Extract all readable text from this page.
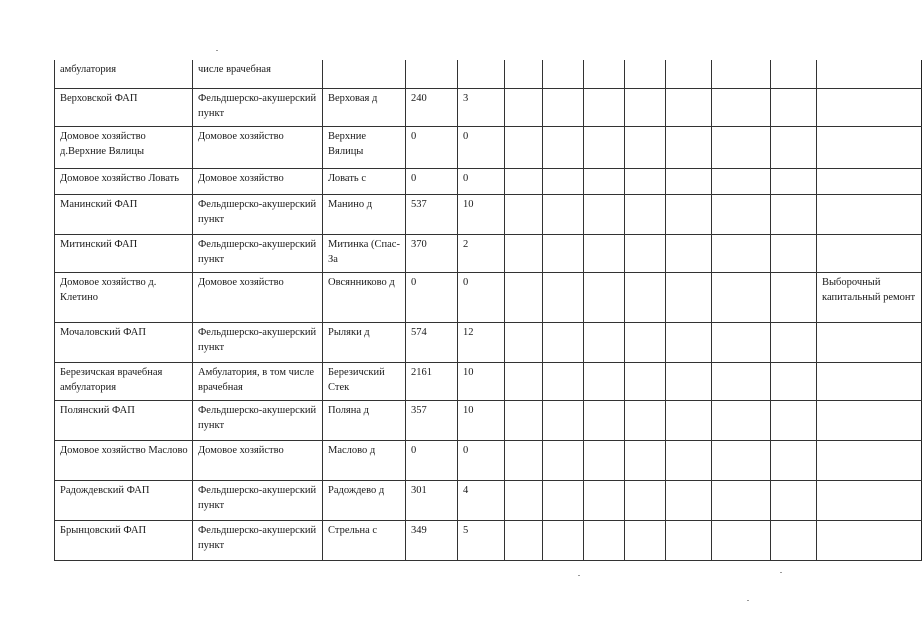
амбулатория	числе врачебная											
Верховской ФАП	Фельдшерско-акушерский пункт	Верховая д	240	3								
Домовое хозяйство д.Верхние Вялицы	Домовое хозяйство	Верхние Вялицы	0	0								
Домовое хозяйство Ловать	Домовое хозяйство	Ловать с	0	0								
Манинский ФАП	Фельдшерско-акушерский пункт	Манино д	537	10								
Митинский ФАП	Фельдшерско-акушерский пункт	Митинка (Спас-За	370	2								
Домовое хозяйство д. Клетино	Домовое хозяйство	Овсянниково д	0	0								Выборочный капитальный ремонт
Мочаловский ФАП	Фельдшерско-акушерский пункт	Рыляки д	574	12								
Березичская врачебная амбулатория	Амбулатория, в том числе врачебная	Березичский Стек	2161	10								
Полянский ФАП	Фельдшерско-акушерский пункт	Поляна д	357	10								
Домовое хозяйство Маслово	Домовое хозяйство	Маслово д	0	0								
Радождевский ФАП	Фельдшерско-акушерский пункт	Радождево д	301	4								
Брынцовский ФАП	Фельдшерско-акушерский пункт	Стрельна с	349	5								
